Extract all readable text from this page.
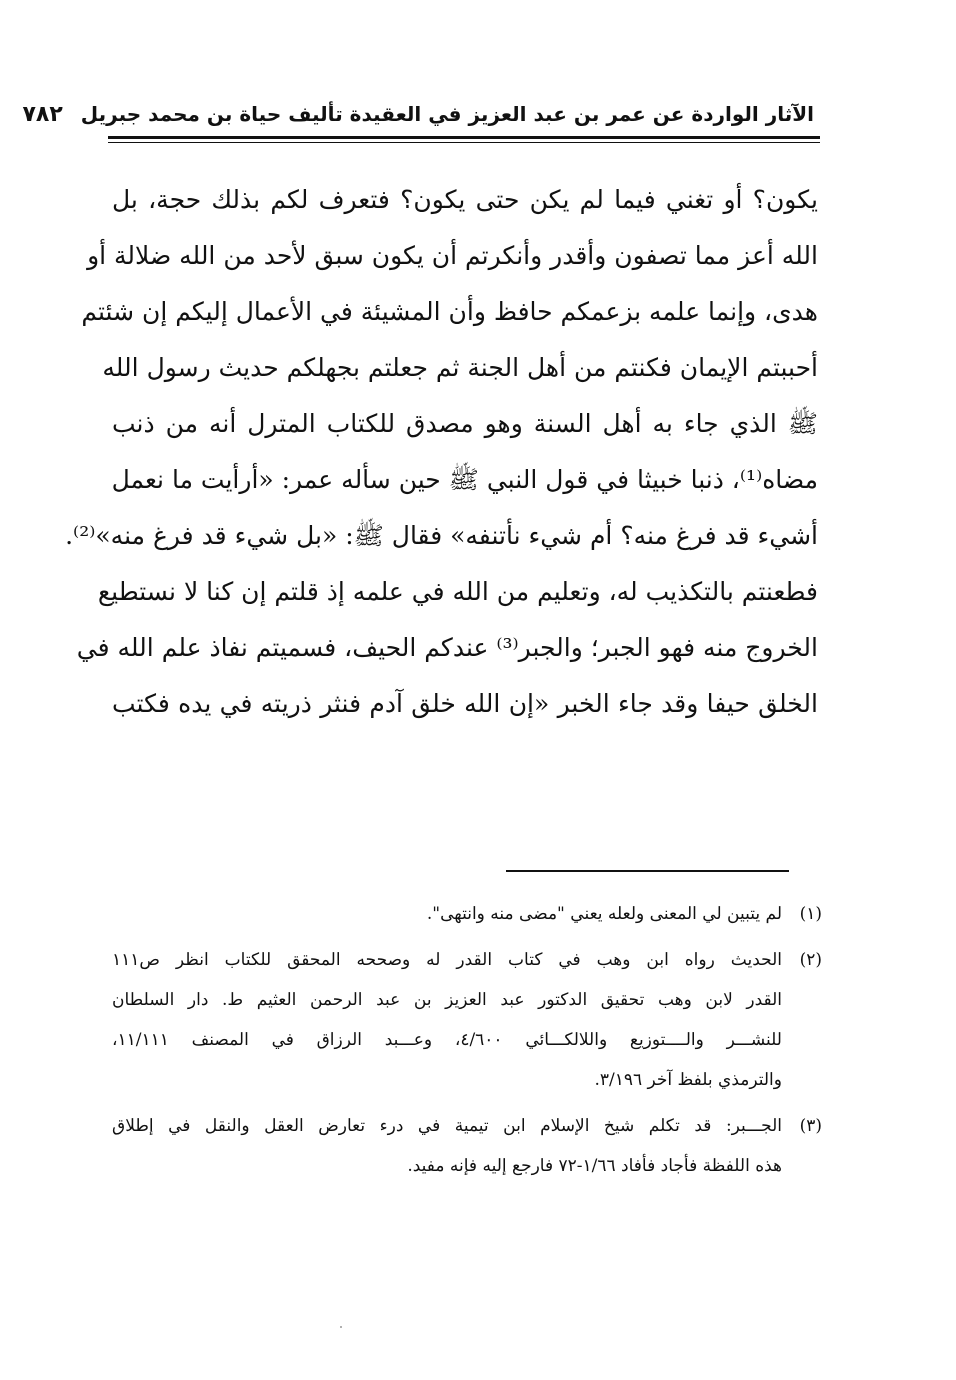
الآثار الواردة عن عمر بن عبد العزيز في العقيدة تأليف حياة بن محمد جبريل
٧٨٢
يكون؟ أو تغني فيما لم يكن حتى يكون؟ فتعرف لكم بذلك حجة، بل
الله أعز مما تصفون وأقدر وأنكرتم أن يكون سبق لأحد من الله ضلالة أو
هدى، وإنما علمه بزعمكم حافظ وأن المشيئة في الأعمال إليكم إن شئتم
أحببتم الإيمان فكنتم من أهل الجنة ثم جعلتم بجهلكم حديث رسول الله
ﷺ الذي جاء به أهل السنة وهو مصدق للكتاب المترل أنه من ذنب
مضاه⁽¹⁾، ذنبا خبيثا في قول النبي ﷺ حين سأله عمر: «أرأيت ما نعمل
أشيء قد فرغ منه؟ أم شيء نأتنفه» فقال ﷺ: «بل شيء قد فرغ منه»⁽²⁾.
فطعنتم بالتكذيب له، وتعليم من الله في علمه إذ قلتم إن كنا لا نستطيع
الخروج منه فهو الجبر؛ والجبر⁽³⁾ عندكم الحيف، فسميتم نفاذ علم الله في
الخلق حيفا وقد جاء الخبر «إن الله خلق آدم فنثر ذريته في يده فكتب
(١)
لم يتبين لي المعنى ولعله يعني "مضى منه وانتهى".
(٢)
الحديث رواه ابن وهب في كتاب القدر له وصححه المحقق للكتاب انظر ص١١١
القدر لابن وهب تحقيق الدكتور عبد العزيز بن عبد الرحمن العثيم ط. دار السلطان
للنشـــر والــــتوزيع واللالكـــائي ٤/٦٠٠، وعـــبد الرزاق في المصنف ١١/١١١،
والترمذي بلفظ آخر ٣/١٩٦.
(٣)
الجـــبر: قد تكلم شيخ الإسلام ابن تيمية في درء تعارض العقل والنقل في إطلاق
هذه اللفظة فأجاد فأفاد ١/٦٦-٧٢ فارجع إليه فإنه مفيد.
